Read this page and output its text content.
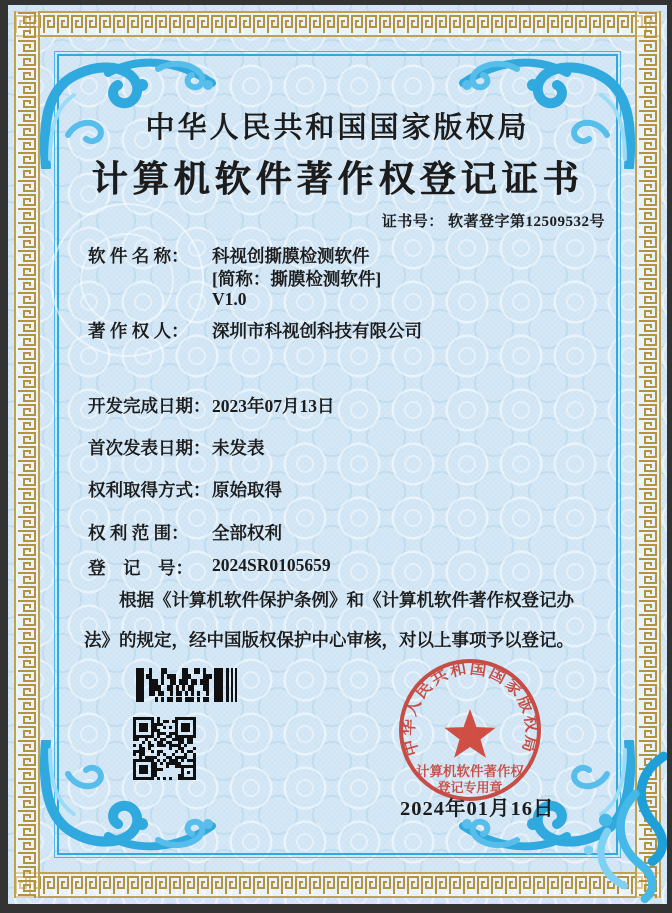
中华人民共和国国家版权局
计算机软件著作权登记证书
证书号： 软著登字第12509532号
软 件 名 称： 科视创撕膜检测软件
[简称：撕膜检测软件]
V1.0
著 作 权 人： 深圳市科视创科技有限公司
开发完成日期： 2023年07月13日
首次发表日期： 未发表
权利取得方式： 原始取得
权 利 范 围： 全部权利
登　记　号： 2024SR0105659
根据《计算机软件保护条例》和《计算机软件著作权登记办法》的规定，经中国版权保护中心审核，对以上事项予以登记。
中华人民共和国国家版权局
计算机软件著作权
登记专用章
2024年01月16日
